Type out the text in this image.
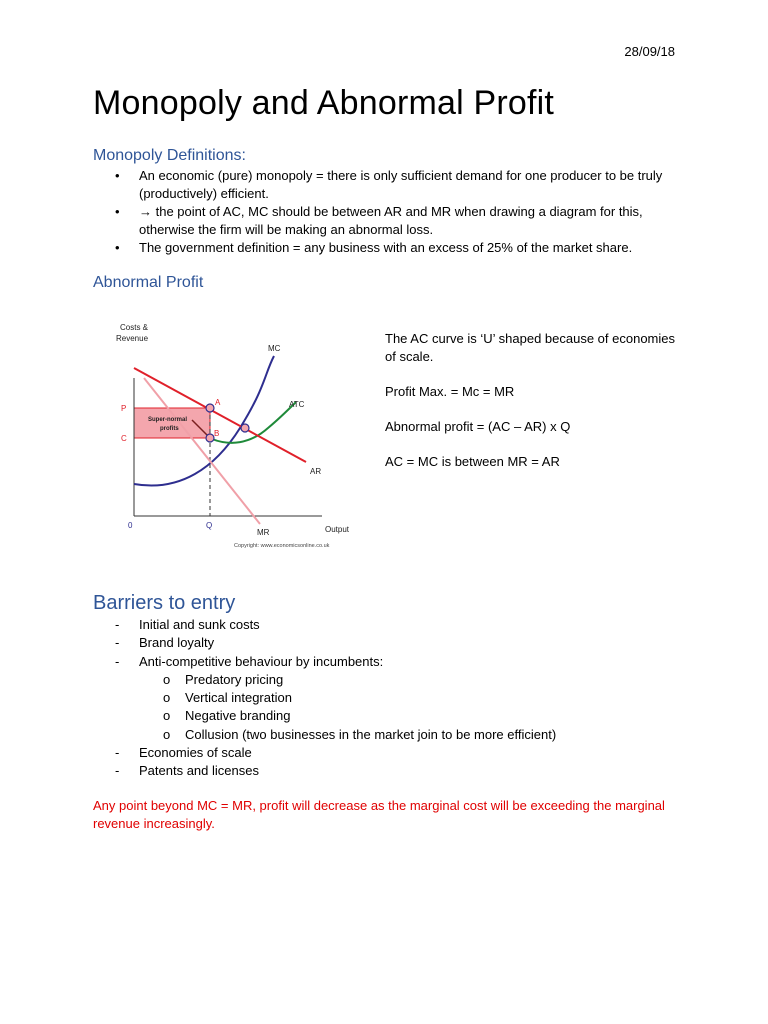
28/09/18
Monopoly and Abnormal Profit
Monopoly Definitions:
• An economic (pure) monopoly = there is only sufficient demand for one producer to be truly (productively) efficient.
• → the point of AC, MC should be between AR and MR when drawing a diagram for this, otherwise the firm will be making an abnormal loss.
• The government definition = any business with an excess of 25% of the market share.
Abnormal Profit
Costs &
Revenue
P
C
0	Q
A
B
MC
ATC
AR
MR	Output
Super-normal
profits
Copyright: www.economicsonline.co.uk

The AC curve is ‘U’ shaped because of economies of scale.

Profit Max. = Mc = MR

Abnormal profit = (AC – AR) x Q

AC = MC is between MR = AR

Barriers to entry
- Initial and sunk costs
- Brand loyalty
- Anti-competitive behaviour by incumbents:
o Predatory pricing
o Vertical integration
o Negative branding
o Collusion (two businesses in the market join to be more efficient)
- Economies of scale
- Patents and licenses
Any point beyond MC = MR, profit will decrease as the marginal cost will be exceeding the marginal revenue increasingly.
